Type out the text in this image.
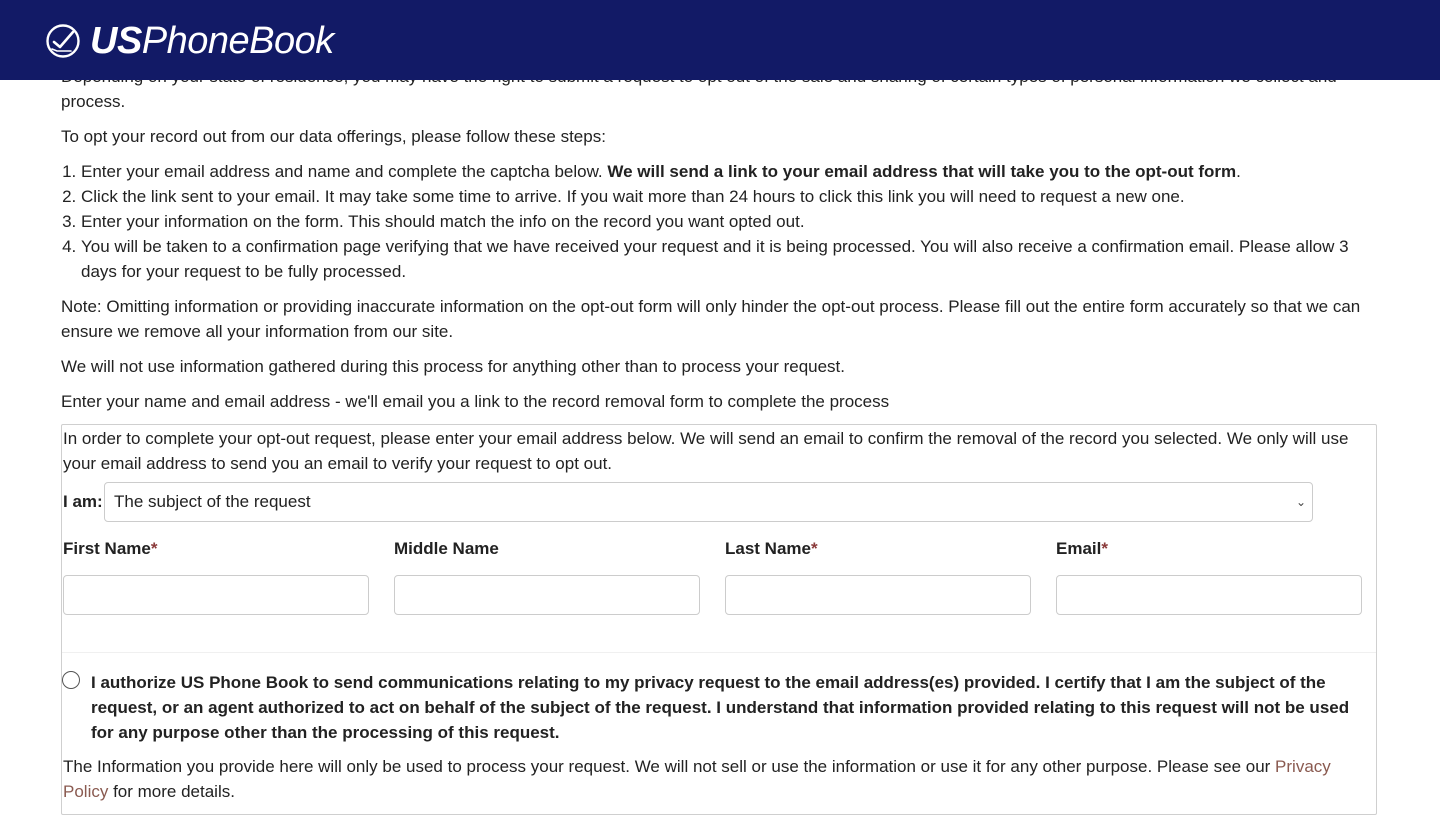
USPhoneBook

process.

To opt your record out from our data offerings, please follow these steps:

1. Enter your email address and name and complete the captcha below. We will send a link to your email address that will take you to the opt-out form.
2. Click the link sent to your email. It may take some time to arrive. If you wait more than 24 hours to click this link you will need to request a new one.
3. Enter your information on the form. This should match the info on the record you want opted out.
4. You will be taken to a confirmation page verifying that we have received your request and it is being processed. You will also receive a confirmation email. Please allow 3 days for your request to be fully processed.

Note: Omitting information or providing inaccurate information on the opt-out form will only hinder the opt-out process. Please fill out the entire form accurately so that we can ensure we remove all your information from our site.

We will not use information gathered during this process for anything other than to process your request.

Enter your name and email address - we'll email you a link to the record removal form to complete the process

In order to complete your opt-out request, please enter your email address below. We will send an email to confirm the removal of the record you selected. We only will use your email address to send you an email to verify your request to opt out.

I am: The subject of the request	⌄
First Name*	Middle Name	Last Name*	Email*
I authorize US Phone Book to send communications relating to my privacy request to the email address(es) provided. I certify that I am the subject of the request, or an agent authorized to act on behalf of the subject of the request. I understand that information provided relating to this request will not be used for any purpose other than the processing of this request.

The Information you provide here will only be used to process your request. We will not sell or use the information or use it for any other purpose. Please see our Privacy Policy for more details.
